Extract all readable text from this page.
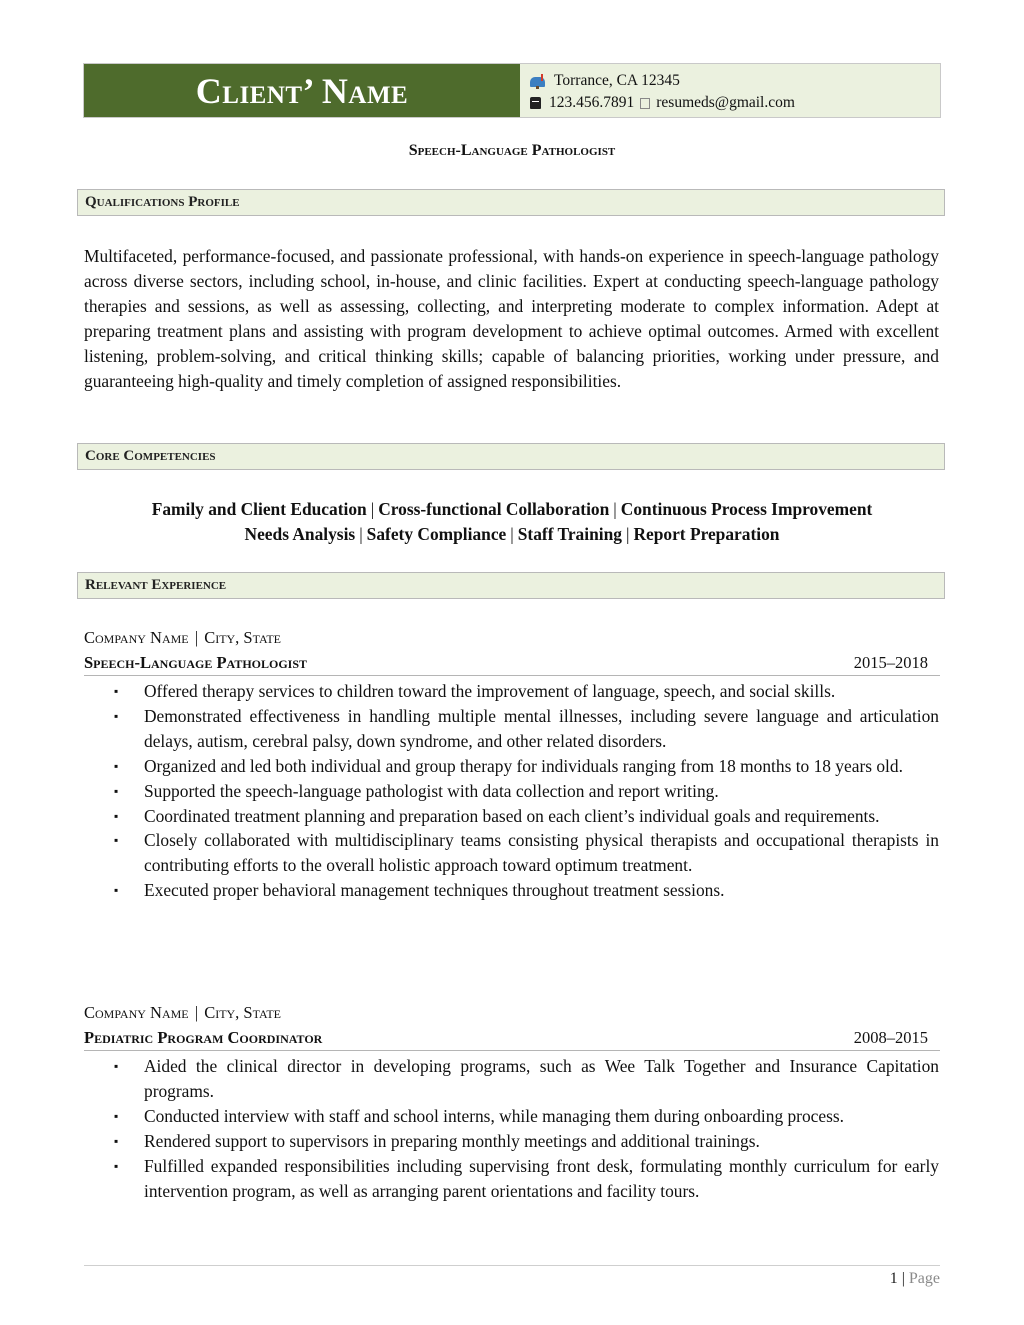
Client’ Name	Torrance, CA 12345
123.456.7891 resumeds@gmail.com
Speech-Language Pathologist
Qualifications Profile
Multifaceted, performance-focused, and passionate professional, with hands-on experience in speech-language pathology across diverse sectors, including school, in-house, and clinic facilities. Expert at conducting speech-language pathology therapies and sessions, as well as assessing, collecting, and interpreting moderate to complex information. Adept at preparing treatment plans and assisting with program development to achieve optimal outcomes. Armed with excellent listening, problem-solving, and critical thinking skills; capable of balancing priorities, working under pressure, and guaranteeing high-quality and timely completion of assigned responsibilities.
Core Competencies
Family and Client Education | Cross-functional Collaboration | Continuous Process Improvement
Needs Analysis | Safety Compliance | Staff Training | Report Preparation
Relevant Experience
Company Name | City, State
Speech-Language Pathologist	2015–2018
▪ Offered therapy services to children toward the improvement of language, speech, and social skills.
▪ Demonstrated effectiveness in handling multiple mental illnesses, including severe language and articulation delays, autism, cerebral palsy, down syndrome, and other related disorders.
▪ Organized and led both individual and group therapy for individuals ranging from 18 months to 18 years old.
▪ Supported the speech-language pathologist with data collection and report writing.
▪ Coordinated treatment planning and preparation based on each client’s individual goals and requirements.
▪ Closely collaborated with multidisciplinary teams consisting physical therapists and occupational therapists in contributing efforts to the overall holistic approach toward optimum treatment.
▪ Executed proper behavioral management techniques throughout treatment sessions.
Company Name | City, State
Pediatric Program Coordinator	2008–2015
▪ Aided the clinical director in developing programs, such as Wee Talk Together and Insurance Capitation programs.
▪ Conducted interview with staff and school interns, while managing them during onboarding process.
▪ Rendered support to supervisors in preparing monthly meetings and additional trainings.
▪ Fulfilled expanded responsibilities including supervising front desk, formulating monthly curriculum for early intervention program, as well as arranging parent orientations and facility tours.
1 | Page
